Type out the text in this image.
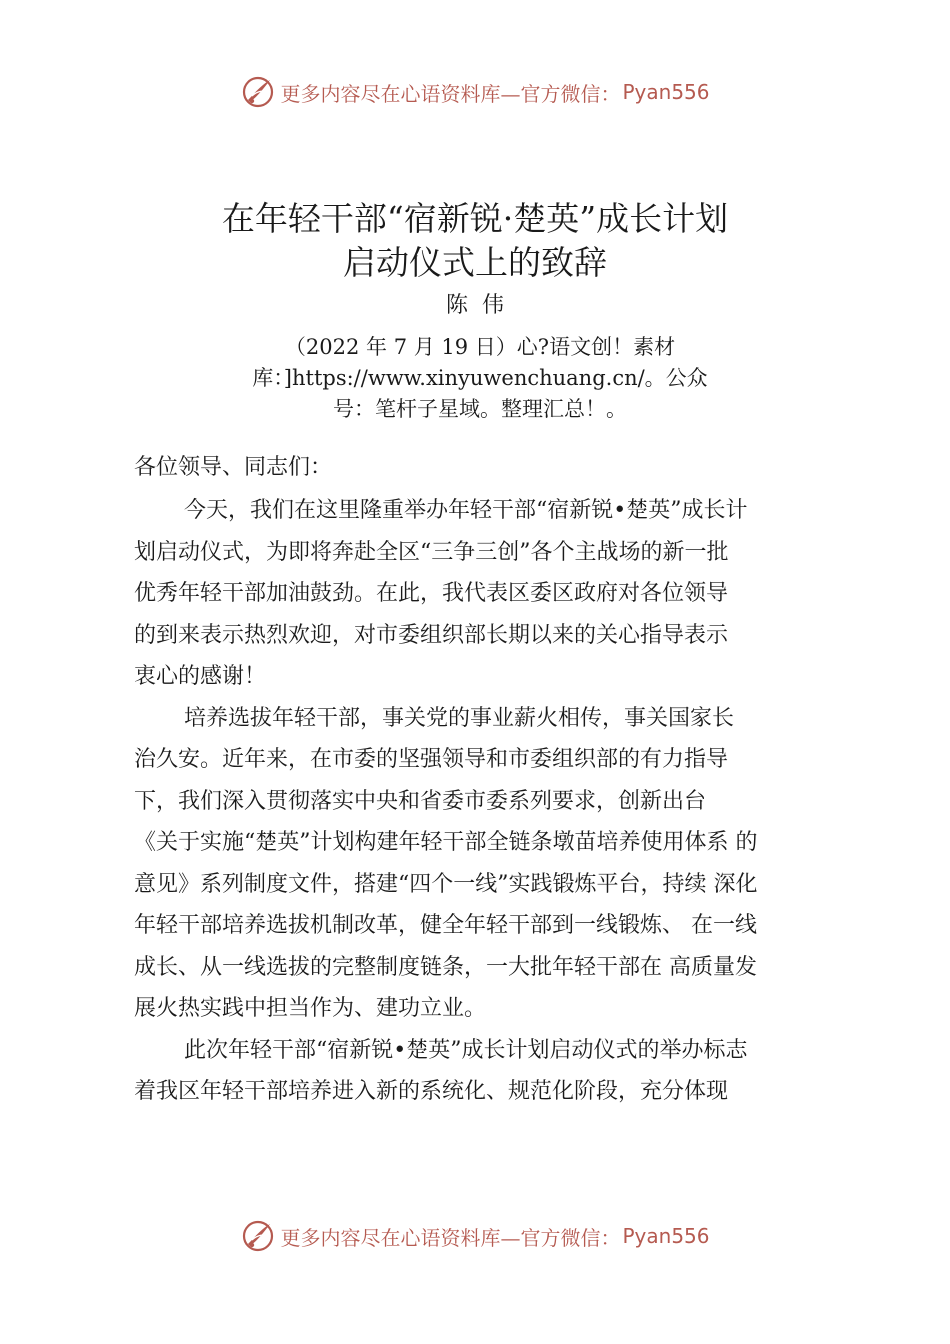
更多内容尽在心语资料库—官方微信： Pyan556
在年轻干部“宿新锐·楚英”成长计划
启动仪式上的致辞
陈伟
（2022 年 7 月 19 日）心?语文创！素材
库：]https://www.xinyuwenchuang.cn/。公众
号：笔杆子星域。整理汇总！。
各位领导、同志们：
今天，我们在这里隆重举办年轻干部“宿新锐•楚英”成长计
划启动仪式，为即将奔赴全区“三争三创”各个主战场的新一批
优秀年轻干部加油鼓劲。在此，我代表区委区政府对各位领导
的到来表示热烈欢迎，对市委组织部长期以来的关心指导表示
衷心的感谢！
培养选拔年轻干部，事关党的事业薪火相传，事关国家长
治久安。近年来，在市委的坚强领导和市委组织部的有力指导
下，我们深入贯彻落实中央和省委市委系列要求，创新出台
《关于实施“楚英”计划构建年轻干部全链条墩苗培养使用体系 的
意见》系列制度文件，搭建“四个一线”实践锻炼平台，持续 深化
年轻干部培养选拔机制改革，健全年轻干部到一线锻炼、 在一线
成长、从一线选拔的完整制度链条，一大批年轻干部在 高质量发
展火热实践中担当作为、建功立业。
此次年轻干部“宿新锐•楚英”成长计划启动仪式的举办标志
着我区年轻干部培养进入新的系统化、规范化阶段，充分体现
更多内容尽在心语资料库—官方微信： Pyan556
